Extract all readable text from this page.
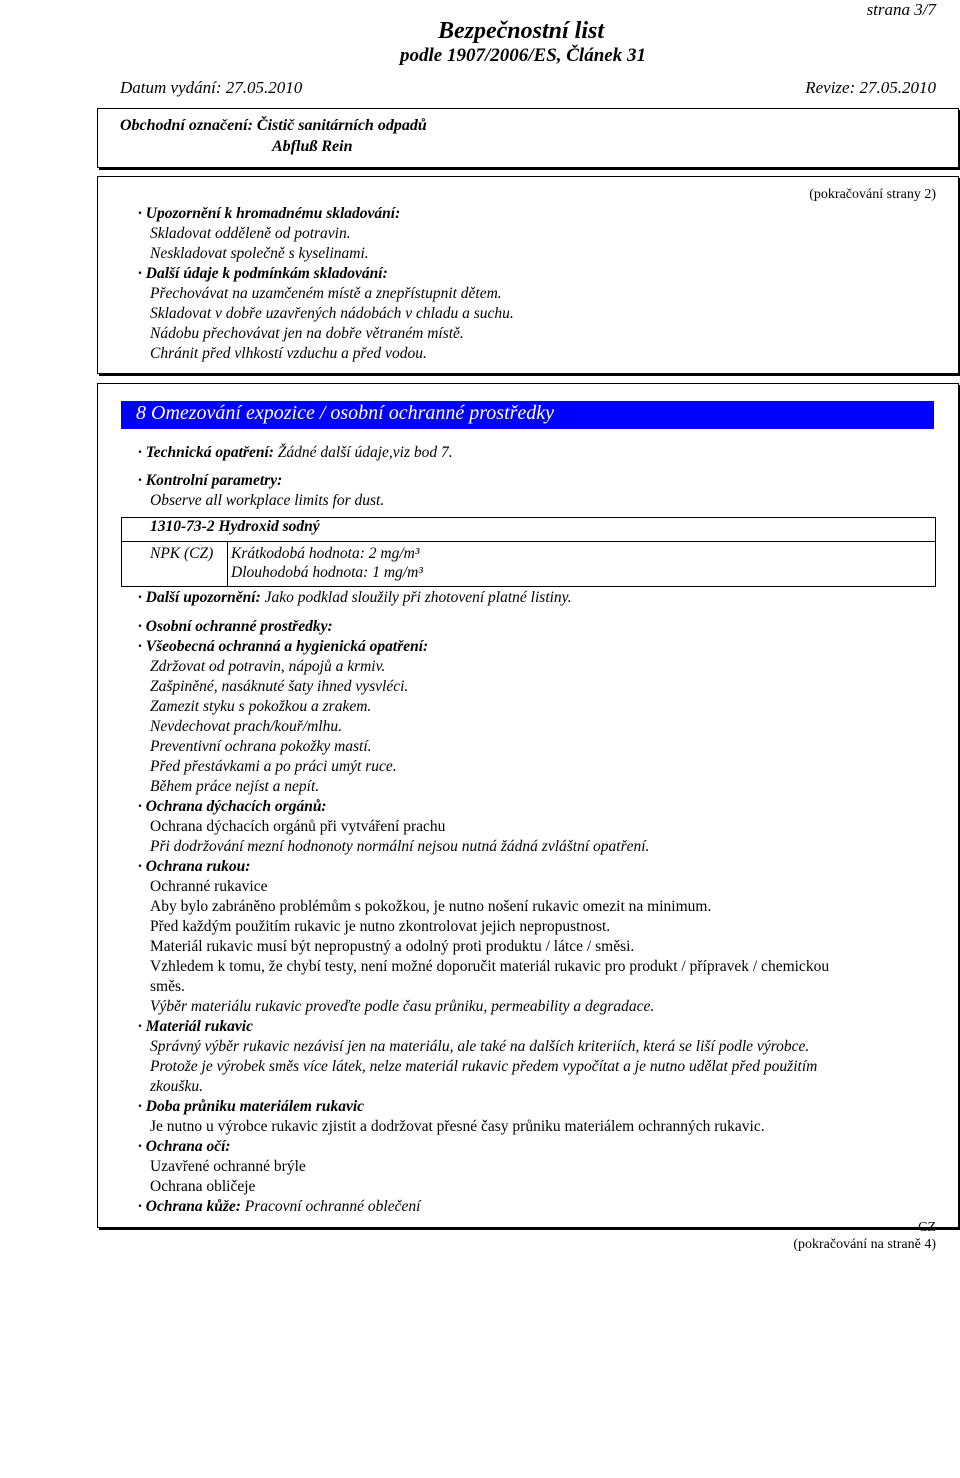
strana 3/7
Bezpečnostní list
podle 1907/2006/ES, Článek 31
Datum vydání: 27.05.2010	Revize: 27.05.2010
Obchodní označení: Čistič sanitárních odpadů
Abfluß Rein
(pokračování strany 2)
· Upozornění k hromadnému skladování:
Skladovat odděleně od potravin.
Neskladovat společně s kyselinami.
· Další údaje k podmínkám skladování:
Přechovávat na uzamčeném místě a znepřístupnit dětem.
Skladovat v dobře uzavřených nádobách v chladu a suchu.
Nádobu přechovávat jen na dobře větraném místě.
Chránit před vlhkostí vzduchu a před vodou.
8 Omezování expozice / osobní ochranné prostředky
· Technická opatření: Žádné další údaje,viz bod 7.
· Kontrolní parametry:
Observe all workplace limits for dust.
1310-73-2 Hydroxid sodný
NPK (CZ) Krátkodobá hodnota: 2 mg/m³
Dlouhodobá hodnota: 1 mg/m³
· Další upozornění: Jako podklad sloužily při zhotovení platné listiny.
· Osobní ochranné prostředky:
· Všeobecná ochranná a hygienická opatření:
Zdržovat od potravin, nápojů a krmiv.
Zašpiněné, nasáknuté šaty ihned vysvléci.
Zamezit styku s pokožkou a zrakem.
Nevdechovat prach/kouř/mlhu.
Preventivní ochrana pokožky mastí.
Před přestávkami a po práci umýt ruce.
Během práce nejíst a nepít.
· Ochrana dýchacích orgánů:
Ochrana dýchacích orgánů při vytváření prachu
Při dodržování mezní hodnonoty normální nejsou nutná žádná zvláštní opatření.
· Ochrana rukou:
Ochranné rukavice
Aby bylo zabráněno problémům s pokožkou, je nutno nošení rukavic omezit na minimum.
Před každým použitím rukavic je nutno zkontrolovat jejich nepropustnost.
Materiál rukavic musí být nepropustný a odolný proti produktu / látce / směsi.
Vzhledem k tomu, že chybí testy, není možné doporučit materiál rukavic pro produkt / přípravek / chemickou
směs.
Výběr materiálu rukavic proveďte podle času průniku, permeability a degradace.
· Materiál rukavic
Správný výběr rukavic nezávisí jen na materiálu, ale také na dalších kriteriích, která se liší podle výrobce.
Protože je výrobek směs více látek, nelze materiál rukavic předem vypočítat a je nutno udělat před použitím
zkoušku.
· Doba průniku materiálem rukavic
Je nutno u výrobce rukavic zjistit a dodržovat přesné časy průniku materiálem ochranných rukavic.
· Ochrana očí:
Uzavřené ochranné brýle
Ochrana obličeje
· Ochrana kůže: Pracovní ochranné oblečení
CZ
(pokračování na straně 4)
